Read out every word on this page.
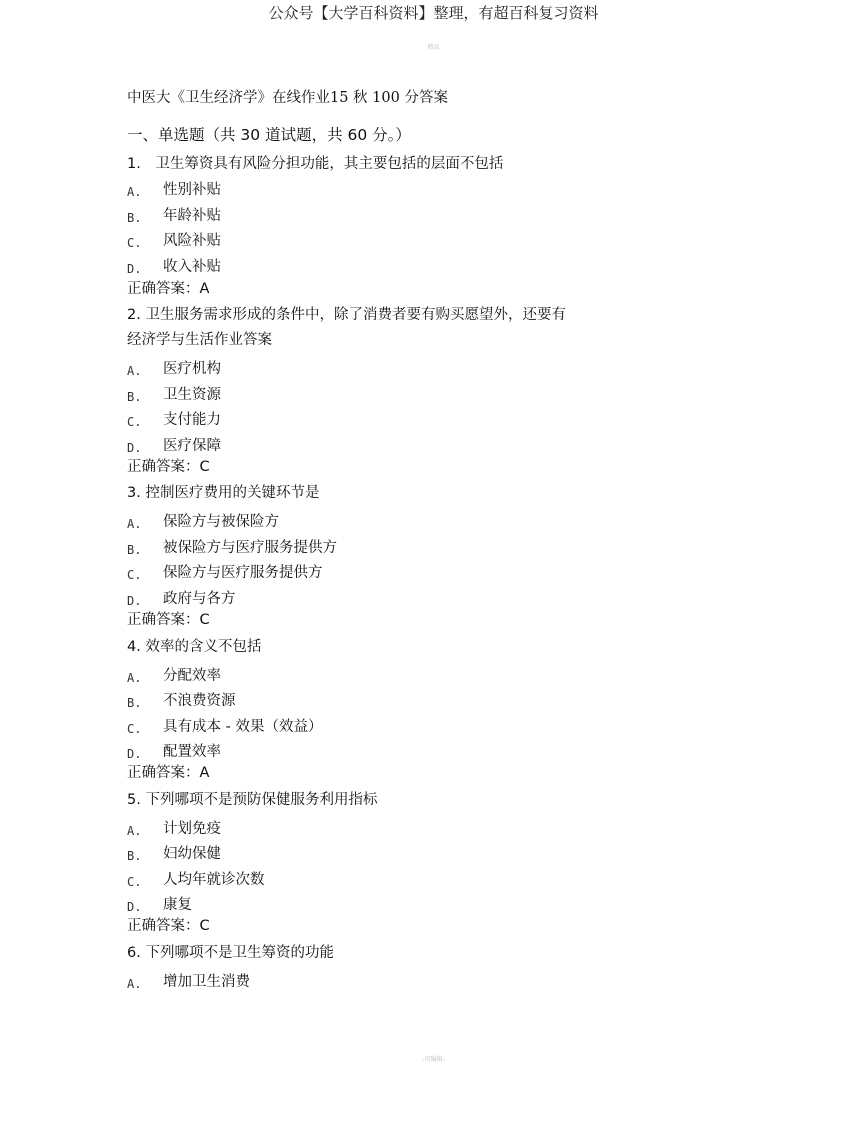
公众号【大学百科资料】整理，有超百科复习资料
精品
中医大《卫生经济学》在线作业15 秋 100 分答案
一、单选题（共 30 道试题，共 60 分。）
1.　卫生筹资具有风险分担功能，其主要包括的层面不包括
A. 性别补贴
B. 年龄补贴
C. 风险补贴
D. 收入补贴
正确答案：A
2. 卫生服务需求形成的条件中，除了消费者要有购买愿望外，还要有
经济学与生活作业答案
A. 医疗机构
B. 卫生资源
C. 支付能力
D. 医疗保障
正确答案：C
3. 控制医疗费用的关键环节是
A. 保险方与被保险方
B. 被保险方与医疗服务提供方
C. 保险方与医疗服务提供方
D. 政府与各方
正确答案：C
4. 效率的含义不包括
A. 分配效率
B. 不浪费资源
C. 具有成本 - 效果（效益）
D. 配置效率
正确答案：A
5. 下列哪项不是预防保健服务利用指标
A. 计划免疫
B. 妇幼保健
C. 人均年就诊次数
D. 康复
正确答案：C
6. 下列哪项不是卫生筹资的功能
A. 增加卫生消费
-可编辑-
